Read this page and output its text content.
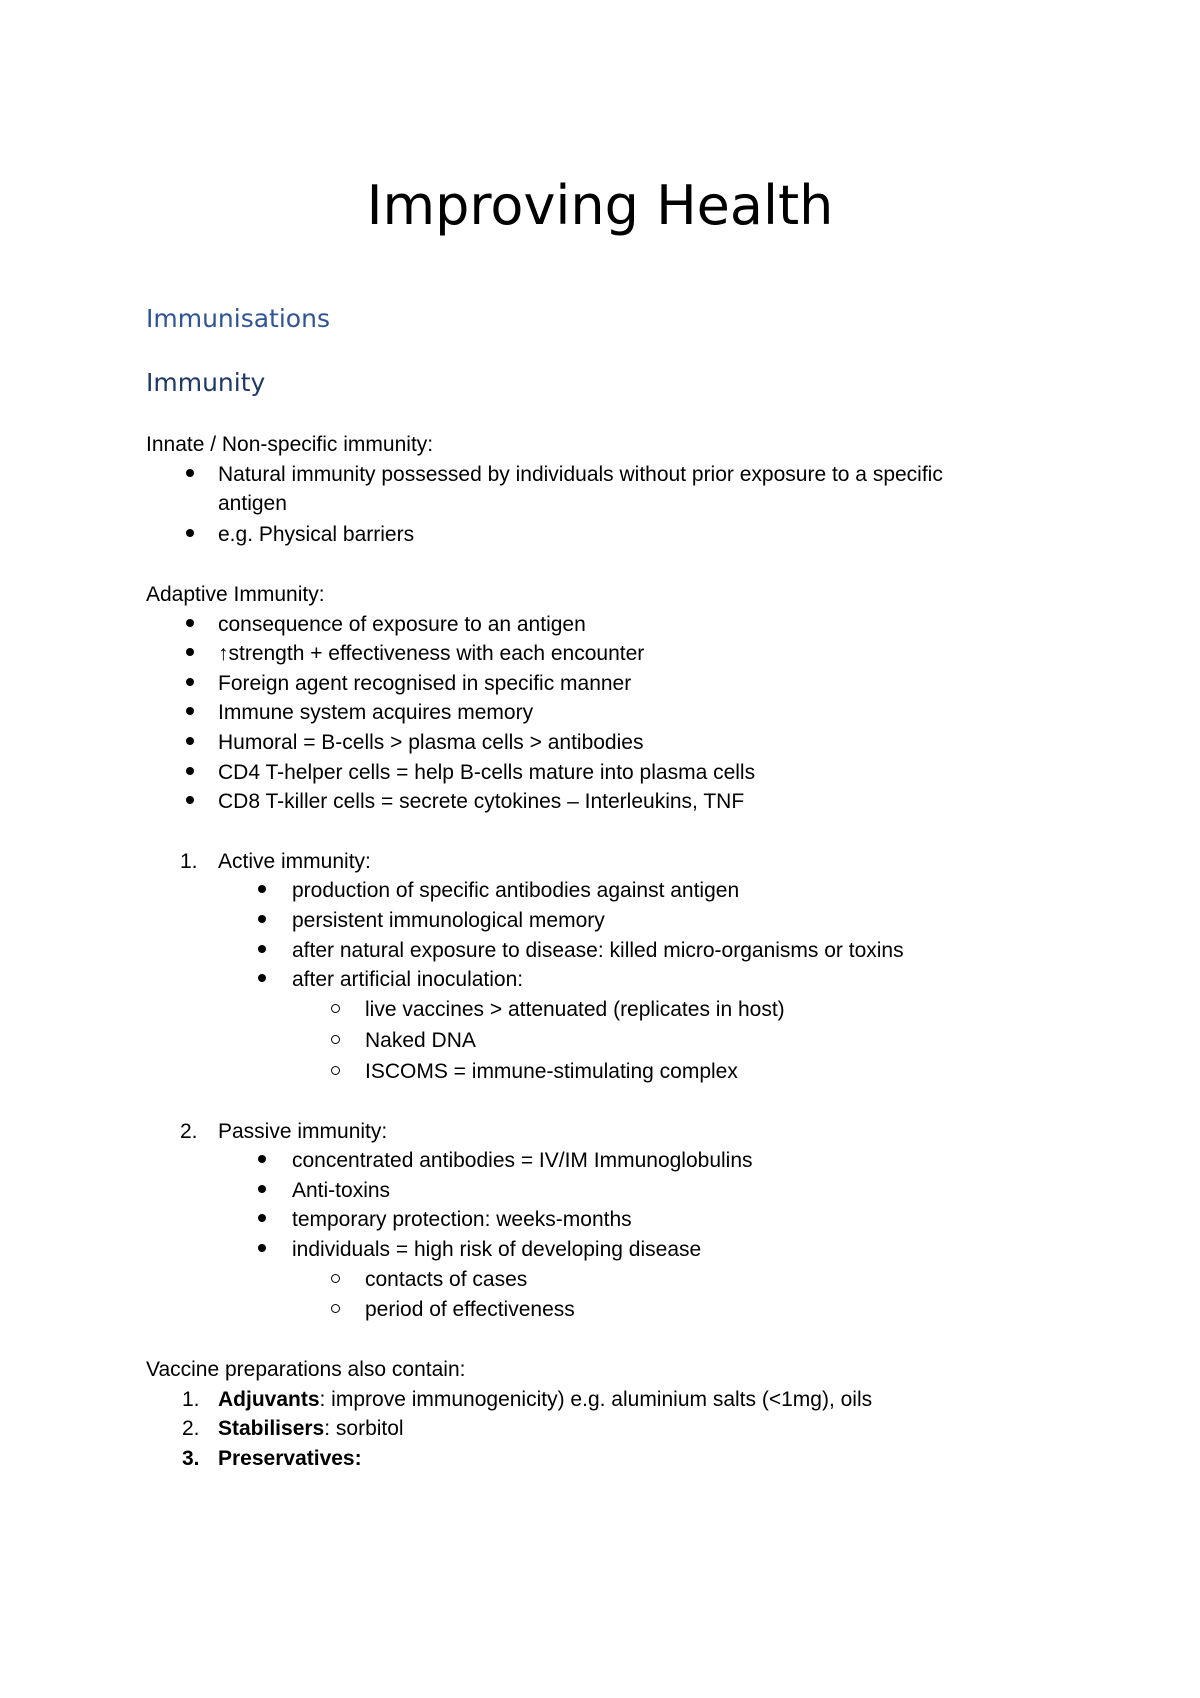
Improving Health
Immunisations
Immunity
Innate / Non-specific immunity:
Natural immunity possessed by individuals without prior exposure to a specific
antigen
e.g. Physical barriers
Adaptive Immunity:
consequence of exposure to an antigen
↑strength + effectiveness with each encounter
Foreign agent recognised in specific manner
Immune system acquires memory
Humoral = B-cells > plasma cells > antibodies
CD4 T-helper cells = help B-cells mature into plasma cells
CD8 T-killer cells = secrete cytokines – Interleukins, TNF
1. Active immunity:
production of specific antibodies against antigen
persistent immunological memory
after natural exposure to disease: killed micro-organisms or toxins
after artificial inoculation:
live vaccines > attenuated (replicates in host)
Naked DNA
ISCOMS = immune-stimulating complex
2. Passive immunity:
concentrated antibodies = IV/IM Immunoglobulins
Anti-toxins
temporary protection: weeks-months
individuals = high risk of developing disease
contacts of cases
period of effectiveness
Vaccine preparations also contain:
1. Adjuvants: improve immunogenicity) e.g. aluminium salts (<1mg), oils
2. Stabilisers: sorbitol
3. Preservatives:
